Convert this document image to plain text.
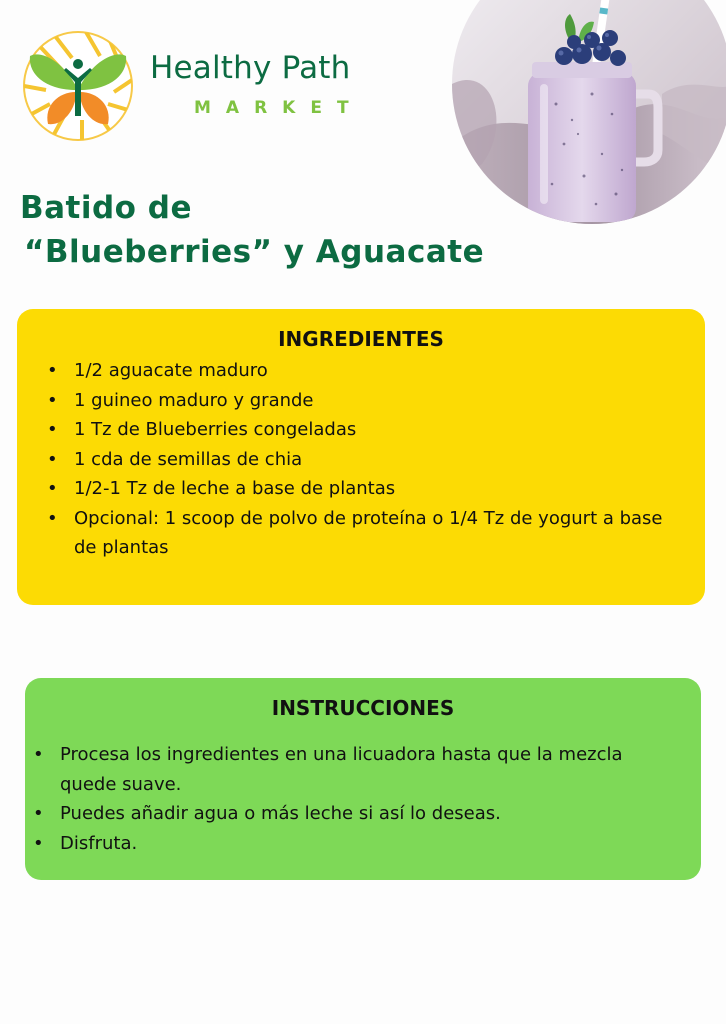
Healthy Path
MARKET
Batido de
“Blueberries” y Aguacate
INGREDIENTES
• 1/2 aguacate maduro
• 1 guineo maduro y grande
• 1 Tz de Blueberries congeladas
• 1 cda de semillas de chia
• 1/2-1 Tz de leche a base de plantas
• Opcional: 1 scoop de polvo de proteína o 1/4 Tz de yogurt a base de plantas
INSTRUCCIONES
• Procesa los ingredientes en una licuadora hasta que la mezcla quede suave.
• Puedes añadir agua o más leche si así lo deseas.
• Disfruta.
